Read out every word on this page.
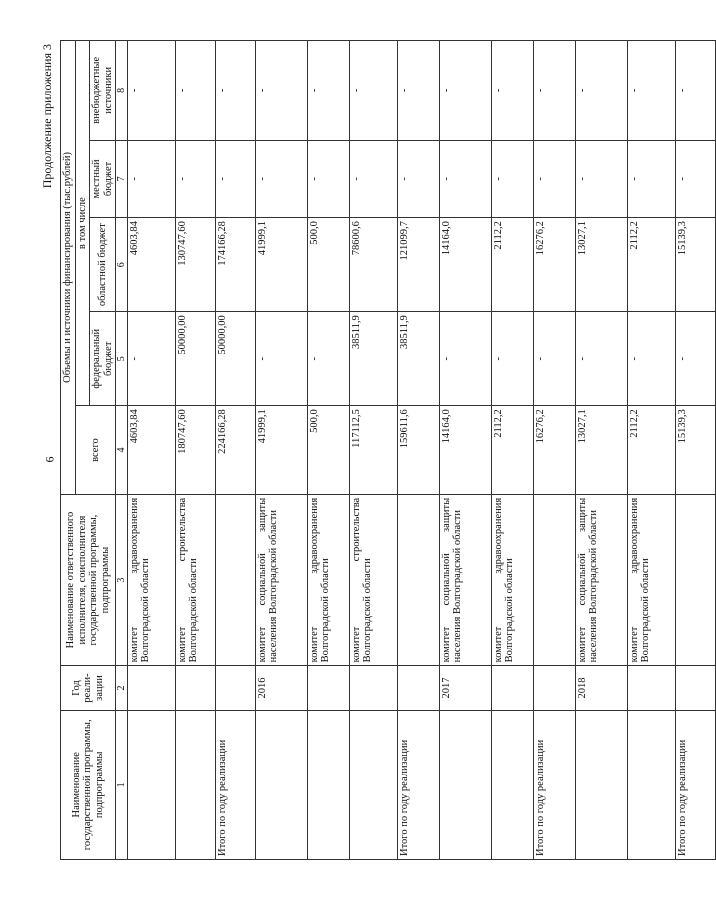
6
Продолжение приложения 3
Наименование государственной программы, подпрограммы	Год реали-зации	Наименование ответственного исполнителя, соисполнителя государственной программы, подпрограммы	Объемы и источники финансирования (тыс.рублей)				
			всего	в том числе			
				федеральный бюджет	областной бюджет	местный бюджет	внебюджетные источники
1	2	3	4	5	6	7	8
		комитет здравоохранения Волгоградской области	4603,84	-	4603,84	-	-
		комитет строительства Волгоградской области	180747,60	50000,00	130747,60	-	-
Итого по году реализации			224166,28	50000,00	174166,28	-	-
	2016	комитет социальной защиты населения Волгоградской области	41999,1	-	41999,1	-	-
		комитет здравоохранения Волгоградской области	500,0	-	500,0	-	-
		комитет строительства Волгоградской области	117112,5	38511,9	78600,6	-	-
Итого по году реализации			159611,6	38511,9	121099,7	-	-
	2017	комитет социальной защиты населения Волгоградской области	14164,0	-	14164,0	-	-
		комитет здравоохранения Волгоградской области	2112,2	-	2112,2	-	-
Итого по году реализации			16276,2	-	16276,2	-	-
	2018	комитет социальной защиты населения Волгоградской области	13027,1	-	13027,1	-	-
		комитет здравоохранения Волгоградской области	2112,2	-	2112,2	-	-
Итого по году реализации			15139,3	-	15139,3	-	-
